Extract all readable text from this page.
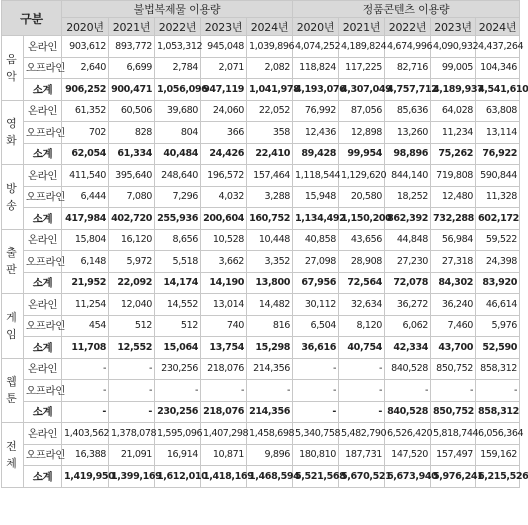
구분		불법복제물 이용량					정품콘텐츠 이용량				
		2020년	2021년	2022년	2023년	2024년	2020년	2021년	2022년	2023년	2024년
음
악	온라인	903,612	893,772	1,053,312	945,048	1,039,896	4,074,252	4,189,824	4,674,996	4,090,932	4,437,264
	오프라인	2,640	6,699	2,784	2,071	2,082	118,824	117,225	82,716	99,005	104,346
	소계	906,252	900,471	1,056,096	947,119	1,041,978	4,193,076	4,307,049	4,757,712	4,189,937	4,541,610
영
화	온라인	61,352	60,506	39,680	24,060	22,052	76,992	87,056	85,636	64,028	63,808
	오프라인	702	828	804	366	358	12,436	12,898	13,260	11,234	13,114
	소계	62,054	61,334	40,484	24,426	22,410	89,428	99,954	98,896	75,262	76,922
방
송	온라인	411,540	395,640	248,640	196,572	157,464	1,118,544	1,129,620	844,140	719,808	590,844
	오프라인	6,444	7,080	7,296	4,032	3,288	15,948	20,580	18,252	12,480	11,328
	소계	417,984	402,720	255,936	200,604	160,752	1,134,492	1,150,200	862,392	732,288	602,172
출
판	온라인	15,804	16,120	8,656	10,528	10,448	40,858	43,656	44,848	56,984	59,522
	오프라인	6,148	5,972	5,518	3,662	3,352	27,098	28,908	27,230	27,318	24,398
	소계	21,952	22,092	14,174	14,190	13,800	67,956	72,564	72,078	84,302	83,920
게
임	온라인	11,254	12,040	14,552	13,014	14,482	30,112	32,634	36,272	36,240	46,614
	오프라인	454	512	512	740	816	6,504	8,120	6,062	7,460	5,976
	소계	11,708	12,552	15,064	13,754	15,298	36,616	40,754	42,334	43,700	52,590
웹
툰	온라인	-	-	230,256	218,076	214,356	-	-	840,528	850,752	858,312
	오프라인	-	-	-	-	-	-	-	-	-	-
	소계	-	-	230,256	218,076	214,356	-	-	840,528	850,752	858,312
전
체	온라인	1,403,562	1,378,078	1,595,096	1,407,298	1,458,698	5,340,758	5,482,790	6,526,420	5,818,744	6,056,364
	오프라인	16,388	21,091	16,914	10,871	9,896	180,810	187,731	147,520	157,497	159,162
	소계	1,419,950	1,399,169	1,612,010	1,418,169	1,468,594	5,521,568	5,670,521	6,673,940	5,976,241	6,215,526
